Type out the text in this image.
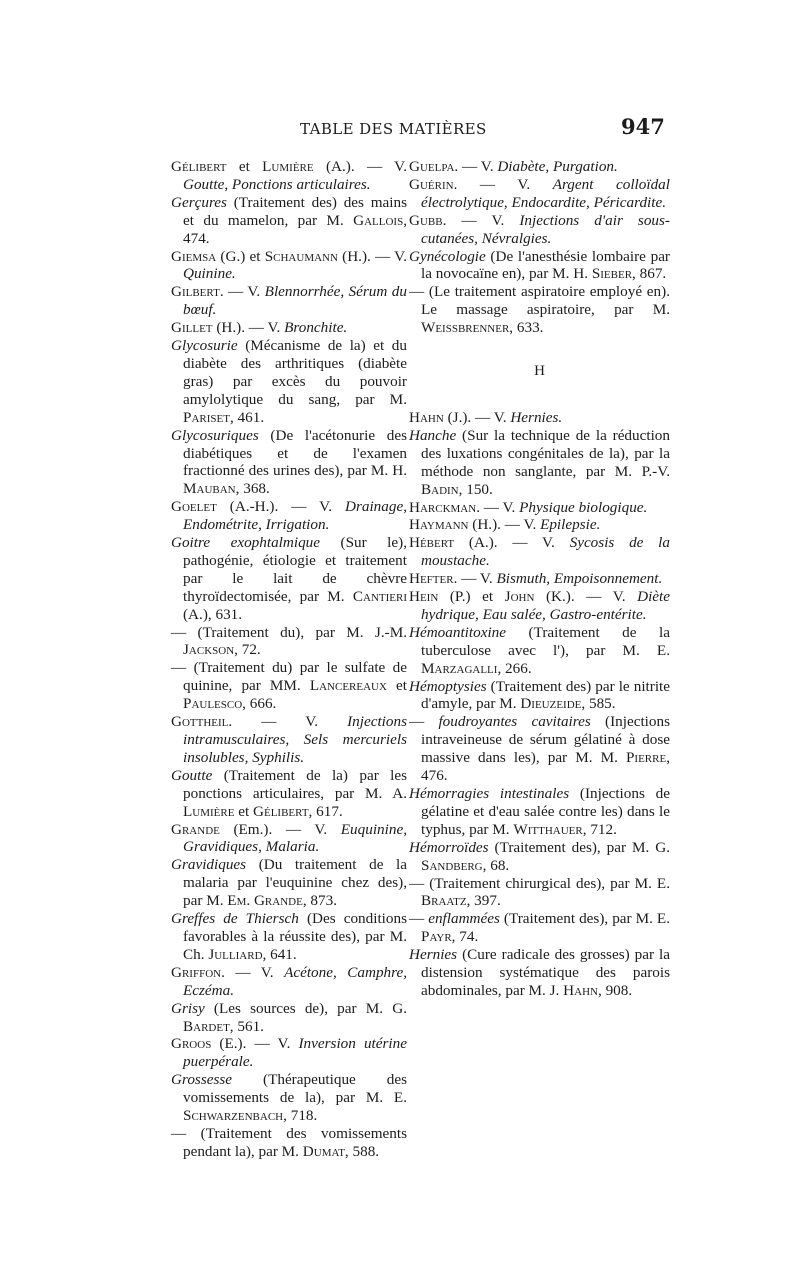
TABLE DES MATIÈRES	947
Gélibert et Lumière (A.). — V. Goutte, Ponctions articulaires.
Gerçures (Traitement des) des mains et du mamelon, par M. Gallois, 474.
Giemsa (G.) et Schaumann (H.). — V. Quinine.
Gilbert. — V. Blennorrhée, Sérum du bœuf.
Gillet (H.). — V. Bronchite.
Glycosurie (Mécanisme de la) et du diabète des arthritiques (diabète gras) par excès du pouvoir amylolytique du sang, par M. Pariset, 461.
Glycosuriques (De l'acétonurie des diabétiques et de l'examen fractionné des urines des), par M. H. Mauban, 368.
Goelet (A.-H.). — V. Drainage, Endométrite, Irrigation.
Goitre exophtalmique (Sur le), pathogénie, étiologie et traitement par le lait de chèvre thyroïdectomisée, par M. Cantieri (A.), 631.
— (Traitement du), par M. J.-M. Jackson, 72.
— (Traitement du) par le sulfate de quinine, par MM. Lancereaux et Paulesco, 666.
Gottheil. — V. Injections intramusculaires, Sels mercuriels insolubles, Syphilis.
Goutte (Traitement de la) par les ponctions articulaires, par M. A. Lumière et Gélibert, 617.
Grande (Em.). — V. Euquinine, Gravidiques, Malaria.
Gravidiques (Du traitement de la malaria par l'euquinine chez des), par M. Em. Grande, 873.
Greffes de Thiersch (Des conditions favorables à la réussite des), par M. Ch. Julliard, 641.
Griffon. — V. Acétone, Camphre, Eczéma.
Grisy (Les sources de), par M. G. Bardet, 561.
Groos (E.). — V. Inversion utérine puerpérale.
Grossesse (Thérapeutique des vomissements de la), par M. E. Schwarzenbach, 718.
— (Traitement des vomissements pendant la), par M. Dumat, 588.
Guelpa. — V. Diabète, Purgation.
Guérin. — V. Argent colloïdal électrolytique, Endocardite, Péricardite.
Gubb. — V. Injections d'air sous-cutanées, Névralgies.
Gynécologie (De l'anesthésie lombaire par la novocaïne en), par M. H. Sieber, 867.
— (Le traitement aspiratoire employé en). Le massage aspiratoire, par M. Weissbrenner, 633.
H
Hahn (J.). — V. Hernies.
Hanche (Sur la technique de la réduction des luxations congénitales de la), par la méthode non sanglante, par M. P.-V. Badin, 150.
Harckman. — V. Physique biologique.
Haymann (H.). — V. Epilepsie.
Hébert (A.). — V. Sycosis de la moustache.
Hefter. — V. Bismuth, Empoisonnement.
Hein (P.) et John (K.). — V. Diète hydrique, Eau salée, Gastro-entérite.
Hémoantitoxine (Traitement de la tuberculose avec l'), par M. E. Marzagalli, 266.
Hémoptysies (Traitement des) par le nitrite d'amyle, par M. Dieuzeide, 585.
— foudroyantes cavitaires (Injections intraveineuse de sérum gélatiné à dose massive dans les), par M. M. Pierre, 476.
Hémorragies intestinales (Injections de gélatine et d'eau salée contre les) dans le typhus, par M. Witthauer, 712.
Hémorroïdes (Traitement des), par M. G. Sandberg, 68.
— (Traitement chirurgical des), par M. E. Braatz, 397.
— enflammées (Traitement des), par M. E. Payr, 74.
Hernies (Cure radicale des grosses) par la distension systématique des parois abdominales, par M. J. Hahn, 908.
